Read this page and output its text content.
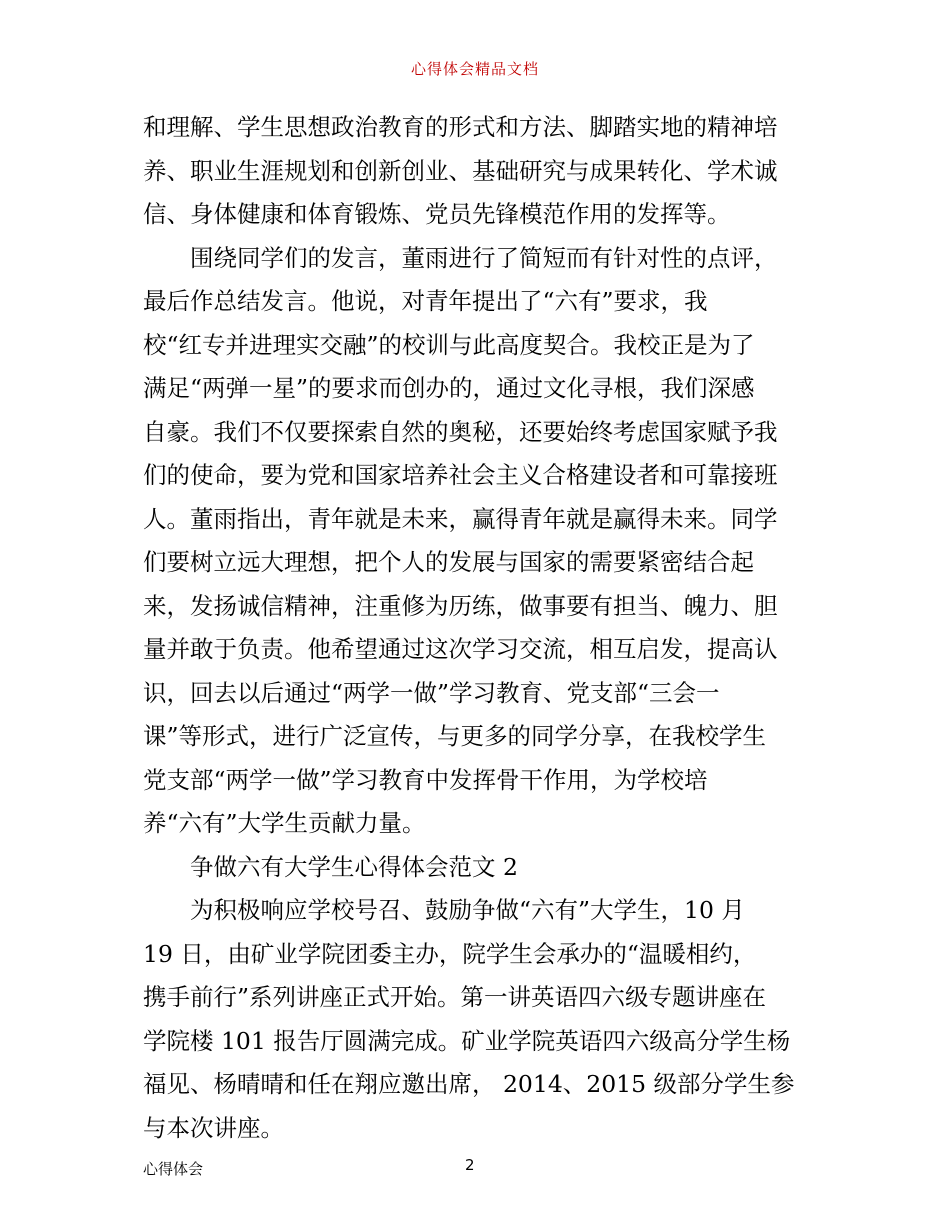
心得体会精品文档
和理解、学生思想政治教育的形式和方法、脚踏实地的精神培
养、职业生涯规划和创新创业、基础研究与成果转化、学术诚
信、身体健康和体育锻炼、党员先锋模范作用的发挥等。
围绕同学们的发言，董雨进行了简短而有针对性的点评，
最后作总结发言。他说，对青年提出了“六有”要求，我
校“红专并进理实交融”的校训与此高度契合。我校正是为了
满足“两弹一星”的要求而创办的，通过文化寻根，我们深感
自豪。我们不仅要探索自然的奥秘，还要始终考虑国家赋予我
们的使命，要为党和国家培养社会主义合格建设者和可靠接班
人。董雨指出，青年就是未来，赢得青年就是赢得未来。同学
们要树立远大理想，把个人的发展与国家的需要紧密结合起
来，发扬诚信精神，注重修为历练，做事要有担当、魄力、胆
量并敢于负责。他希望通过这次学习交流，相互启发，提高认
识，回去以后通过“两学一做”学习教育、党支部“三会一
课”等形式，进行广泛宣传，与更多的同学分享，在我校学生
党支部“两学一做”学习教育中发挥骨干作用，为学校培
养“六有”大学生贡献力量。
争做六有大学生心得体会范文 2
为积极响应学校号召、鼓励争做“六有”大学生，10 月
19 日，由矿业学院团委主办，院学生会承办的“温暖相约，
携手前行”系列讲座正式开始。第一讲英语四六级专题讲座在
学院楼 101 报告厅圆满完成。矿业学院英语四六级高分学生杨
福见、杨晴晴和任在翔应邀出席， 2014、2015 级部分学生参
与本次讲座。
心得体会	2
